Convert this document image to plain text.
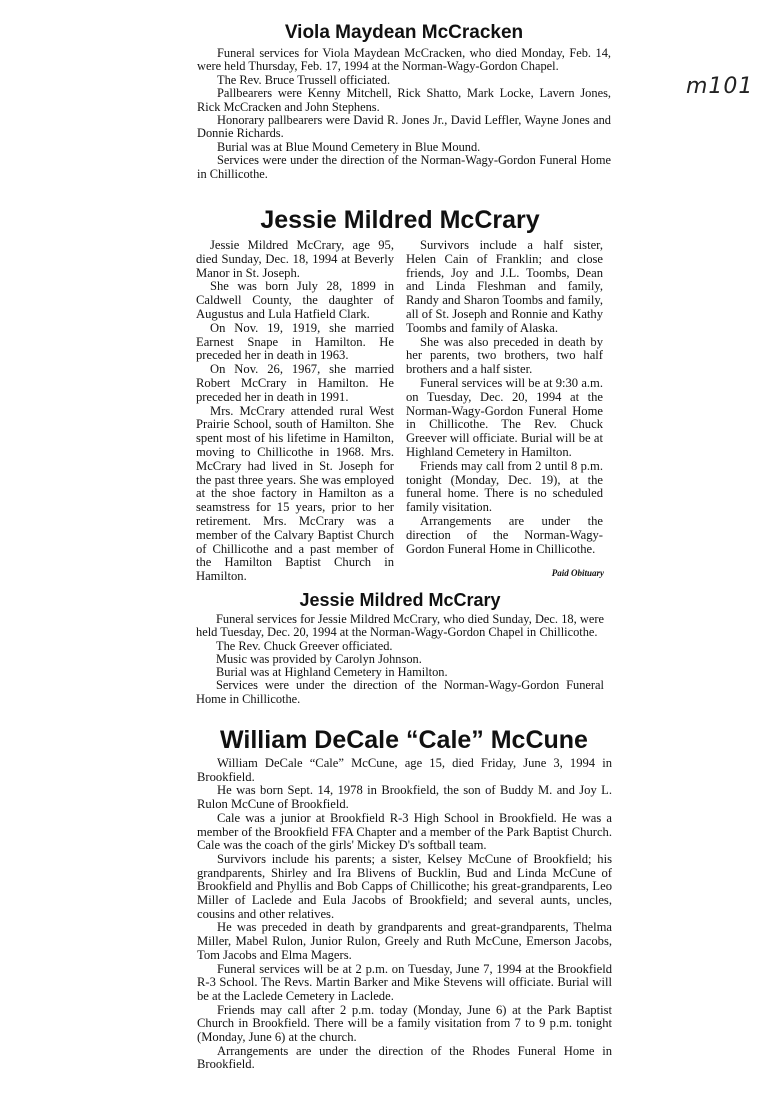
m101
Viola Maydean McCracken

Funeral services for Viola Maydean McCracken, who died Monday, Feb. 14, were held Thursday, Feb. 17, 1994 at the Norman-Wagy-Gordon Chapel.

The Rev. Bruce Trussell officiated.

Pallbearers were Kenny Mitchell, Rick Shatto, Mark Locke, Lavern Jones, Rick McCracken and John Stephens.

Honorary pallbearers were David R. Jones Jr., David Leffler, Wayne Jones and Donnie Richards.

Burial was at Blue Mound Cemetery in Blue Mound.

Services were under the direction of the Norman-Wagy-Gordon Funeral Home in Chillicothe.

Jessie Mildred McCrary

Jessie Mildred McCrary, age 95, died Sunday, Dec. 18, 1994 at Beverly Manor in St. Joseph.

She was born July 28, 1899 in Caldwell County, the daughter of Augustus and Lula Hatfield Clark.

On Nov. 19, 1919, she married Earnest Snape in Hamilton. He preceded her in death in 1963.

On Nov. 26, 1967, she married Robert McCrary in Hamilton. He preceded her in death in 1991.

Mrs. McCrary attended rural West Prairie School, south of Hamilton. She spent most of his lifetime in Hamilton, moving to Chillicothe in 1968. Mrs. McCrary had lived in St. Joseph for the past three years. She was employed at the shoe factory in Hamilton as a seamstress for 15 years, prior to her retirement. Mrs. McCrary was a member of the Calvary Baptist Church of Chillicothe and a past member of the Hamilton Baptist Church in Hamilton.

Survivors include a half sister, Helen Cain of Franklin; and close friends, Joy and J.L. Toombs, Dean and Linda Fleshman and family, Randy and Sharon Toombs and family, all of St. Joseph and Ronnie and Kathy Toombs and family of Alaska.

She was also preceded in death by her parents, two brothers, two half brothers and a half sister.

Funeral services will be at 9:30 a.m. on Tuesday, Dec. 20, 1994 at the Norman-Wagy-Gordon Funeral Home in Chillicothe. The Rev. Chuck Greever will officiate. Burial will be at Highland Cemetery in Hamilton.

Friends may call from 2 until 8 p.m. tonight (Monday, Dec. 19), at the funeral home. There is no scheduled family visitation.

Arrangements are under the direction of the Norman-Wagy-Gordon Funeral Home in Chillicothe.

Paid Obituary
Jessie Mildred McCrary

Funeral services for Jessie Mildred McCrary, who died Sunday, Dec. 18, were held Tuesday, Dec. 20, 1994 at the Norman-Wagy-Gordon Chapel in Chillicothe.

The Rev. Chuck Greever officiated.

Music was provided by Carolyn Johnson.

Burial was at Highland Cemetery in Hamilton.

Services were under the direction of the Norman-Wagy-Gordon Funeral Home in Chillicothe.

William DeCale “Cale” McCune

William DeCale “Cale” McCune, age 15, died Friday, June 3, 1994 in Brookfield.

He was born Sept. 14, 1978 in Brookfield, the son of Buddy M. and Joy L. Rulon McCune of Brookfield.

Cale was a junior at Brookfield R-3 High School in Brookfield. He was a member of the Brookfield FFA Chapter and a member of the Park Baptist Church. Cale was the coach of the girls' Mickey D's softball team.

Survivors include his parents; a sister, Kelsey McCune of Brookfield; his grandparents, Shirley and Ira Blivens of Bucklin, Bud and Linda McCune of Brookfield and Phyllis and Bob Capps of Chillicothe; his great-grandparents, Leo Miller of Laclede and Eula Jacobs of Brookfield; and several aunts, uncles, cousins and other relatives.

He was preceded in death by grandparents and great-grandparents, Thelma Miller, Mabel Rulon, Junior Rulon, Greely and Ruth McCune, Emerson Jacobs, Tom Jacobs and Elma Magers.

Funeral services will be at 2 p.m. on Tuesday, June 7, 1994 at the Brookfield R-3 School. The Revs. Martin Barker and Mike Stevens will officiate. Burial will be at the Laclede Cemetery in Laclede.

Friends may call after 2 p.m. today (Monday, June 6) at the Park Baptist Church in Brookfield. There will be a family visitation from 7 to 9 p.m. tonight (Monday, June 6) at the church.

Arrangements are under the direction of the Rhodes Funeral Home in Brookfield.
